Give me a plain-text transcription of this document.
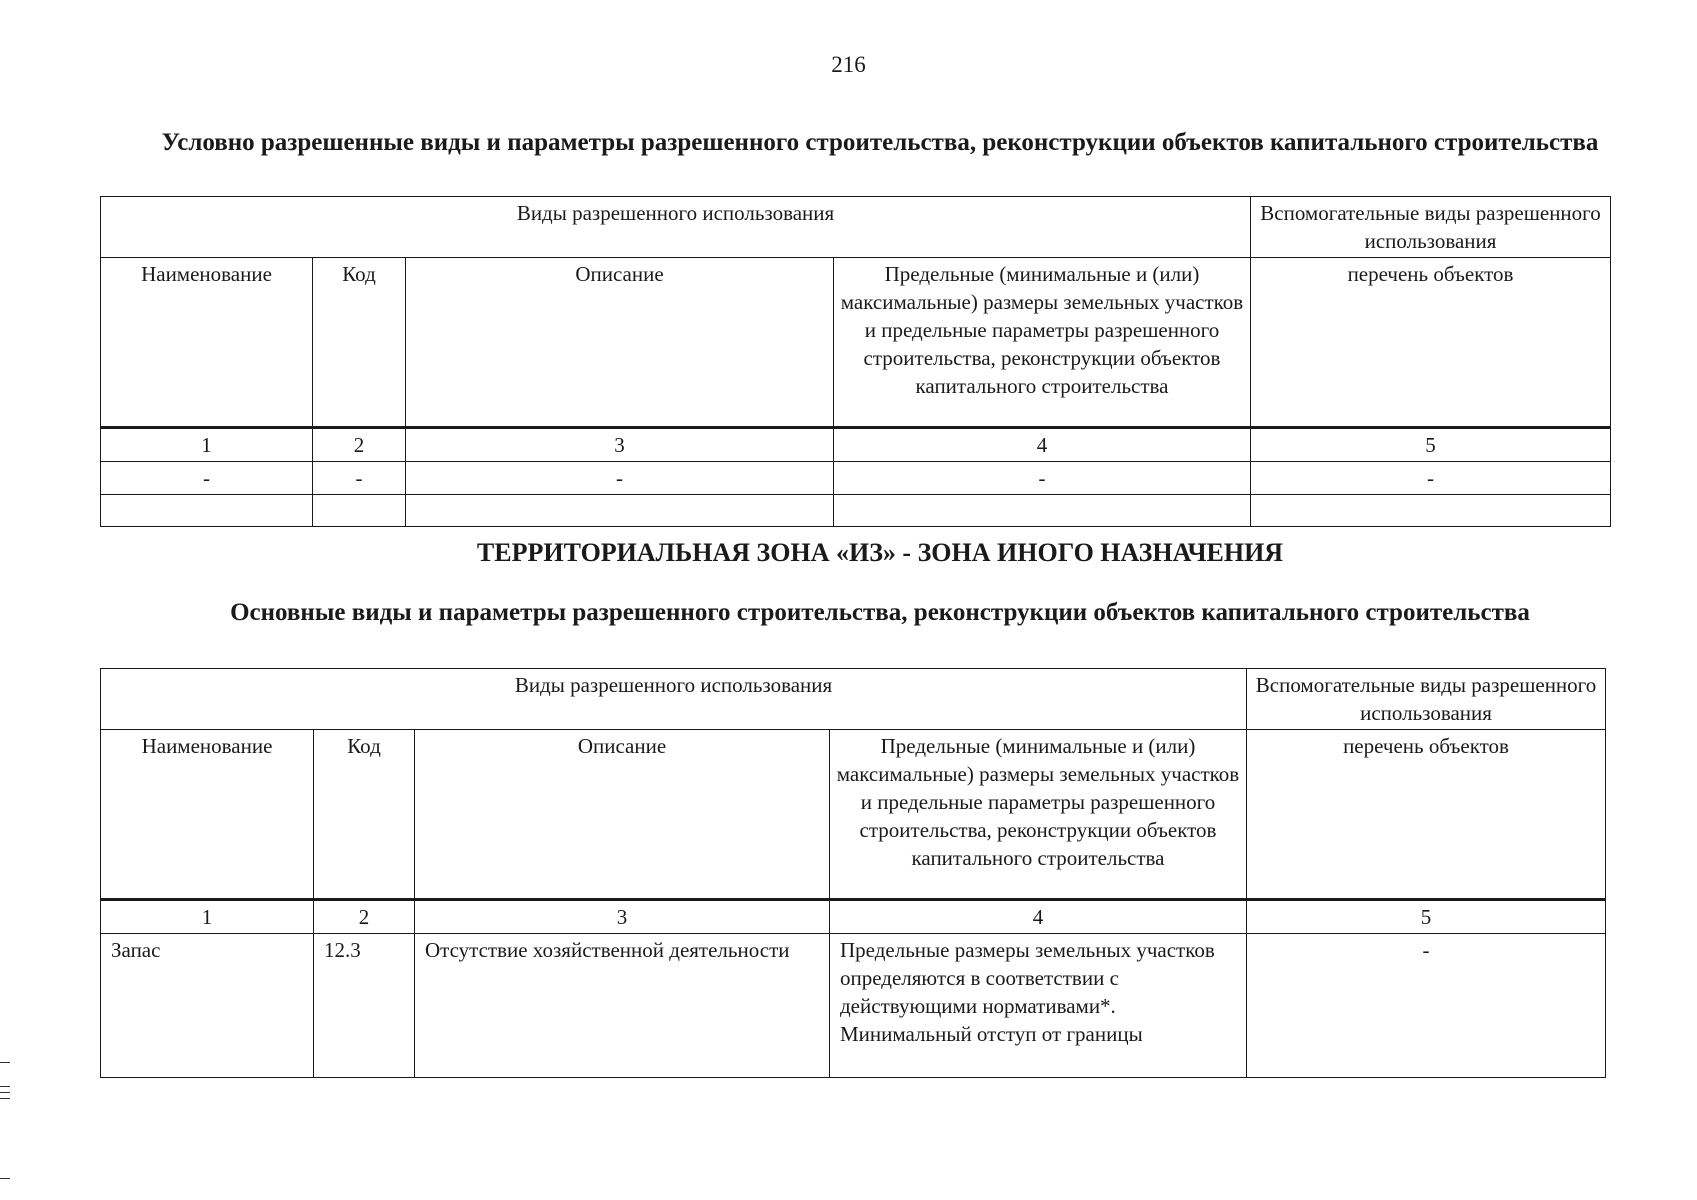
216
Условно разрешенные виды и параметры разрешенного строительства, реконструкции объектов капитального строительства
Виды разрешенного использования				Вспомогательные виды разрешенного использования
Наименование	Код	Описание	Предельные (минимальные и (или) максимальные) размеры земельных участков и предельные параметры разрешенного строительства, реконструкции объектов капитального строительства	перечень объектов
1	2	3	4	5
-	-	-	-	-

ТЕРРИТОРИАЛЬНАЯ ЗОНА «ИЗ» - ЗОНА ИНОГО НАЗНАЧЕНИЯ
Основные виды и параметры разрешенного строительства, реконструкции объектов капитального строительства
Виды разрешенного использования				Вспомогательные виды разрешенного использования
Наименование	Код	Описание	Предельные (минимальные и (или) максимальные) размеры земельных участков и предельные параметры разрешенного строительства, реконструкции объектов капитального строительства	перечень объектов
1	2	3	4	5
Запас	12.3	Отсутствие хозяйственной деятельности	Предельные размеры земельных участков определяются в соответствии с действующими нормативами*. Минимальный отступ от границы	-
